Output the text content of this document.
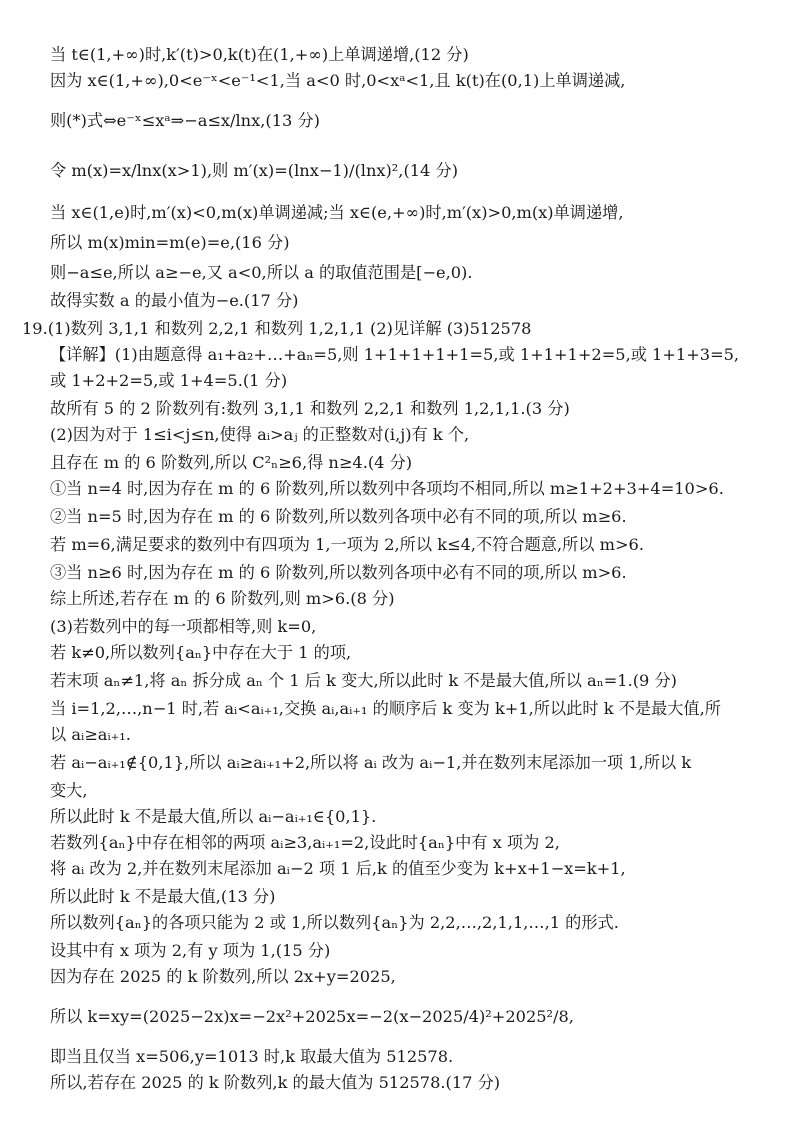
当 t∈(1,+∞)时,k′(t)>0,k(t)在(1,+∞)上单调递增,(12 分)
因为 x∈(1,+∞),0<e⁻ˣ<e⁻¹<1,当 a<0 时,0<xᵃ<1,且 k(t)在(0,1)上单调递减,
则(*)式⇔e⁻ˣ≤xᵃ⇒−a≤x/lnx,(13 分)
令 m(x)=x/lnx(x>1),则 m′(x)=(lnx−1)/(lnx)²,(14 分)
当 x∈(1,e)时,m′(x)<0,m(x)单调递减;当 x∈(e,+∞)时,m′(x)>0,m(x)单调递增,
所以 m(x)min=m(e)=e,(16 分)
则−a≤e,所以 a≥−e,又 a<0,所以 a 的取值范围是[−e,0).
故得实数 a 的最小值为−e.(17 分)
19.(1)数列 3,1,1 和数列 2,2,1 和数列 1,2,1,1 (2)见详解 (3)512578
【详解】(1)由题意得 a₁+a₂+…+aₙ=5,则 1+1+1+1+1=5,或 1+1+1+2=5,或 1+1+3=5,
或 1+2+2=5,或 1+4=5.(1 分)
故所有 5 的 2 阶数列有:数列 3,1,1 和数列 2,2,1 和数列 1,2,1,1.(3 分)
(2)因为对于 1≤i<j≤n,使得 aᵢ>aⱼ 的正整数对(i,j)有 k 个,
且存在 m 的 6 阶数列,所以 C²ₙ≥6,得 n≥4.(4 分)
①当 n=4 时,因为存在 m 的 6 阶数列,所以数列中各项均不相同,所以 m≥1+2+3+4=10>6.
②当 n=5 时,因为存在 m 的 6 阶数列,所以数列各项中必有不同的项,所以 m≥6.
若 m=6,满足要求的数列中有四项为 1,一项为 2,所以 k≤4,不符合题意,所以 m>6.
③当 n≥6 时,因为存在 m 的 6 阶数列,所以数列各项中必有不同的项,所以 m>6.
综上所述,若存在 m 的 6 阶数列,则 m>6.(8 分)
(3)若数列中的每一项都相等,则 k=0,
若 k≠0,所以数列{aₙ}中存在大于 1 的项,
若末项 aₙ≠1,将 aₙ 拆分成 aₙ 个 1 后 k 变大,所以此时 k 不是最大值,所以 aₙ=1.(9 分)
当 i=1,2,…,n−1 时,若 aᵢ<aᵢ₊₁,交换 aᵢ,aᵢ₊₁ 的顺序后 k 变为 k+1,所以此时 k 不是最大值,所
以 aᵢ≥aᵢ₊₁.
若 aᵢ−aᵢ₊₁∉{0,1},所以 aᵢ≥aᵢ₊₁+2,所以将 aᵢ 改为 aᵢ−1,并在数列末尾添加一项 1,所以 k
变大,
所以此时 k 不是最大值,所以 aᵢ−aᵢ₊₁∈{0,1}.
若数列{aₙ}中存在相邻的两项 aᵢ≥3,aᵢ₊₁=2,设此时{aₙ}中有 x 项为 2,
将 aᵢ 改为 2,并在数列末尾添加 aᵢ−2 项 1 后,k 的值至少变为 k+x+1−x=k+1,
所以此时 k 不是最大值,(13 分)
所以数列{aₙ}的各项只能为 2 或 1,所以数列{aₙ}为 2,2,…,2,1,1,…,1 的形式.
设其中有 x 项为 2,有 y 项为 1,(15 分)
因为存在 2025 的 k 阶数列,所以 2x+y=2025,
所以 k=xy=(2025−2x)x=−2x²+2025x=−2(x−2025/4)²+2025²/8,
即当且仅当 x=506,y=1013 时,k 取最大值为 512578.
所以,若存在 2025 的 k 阶数列,k 的最大值为 512578.(17 分)
